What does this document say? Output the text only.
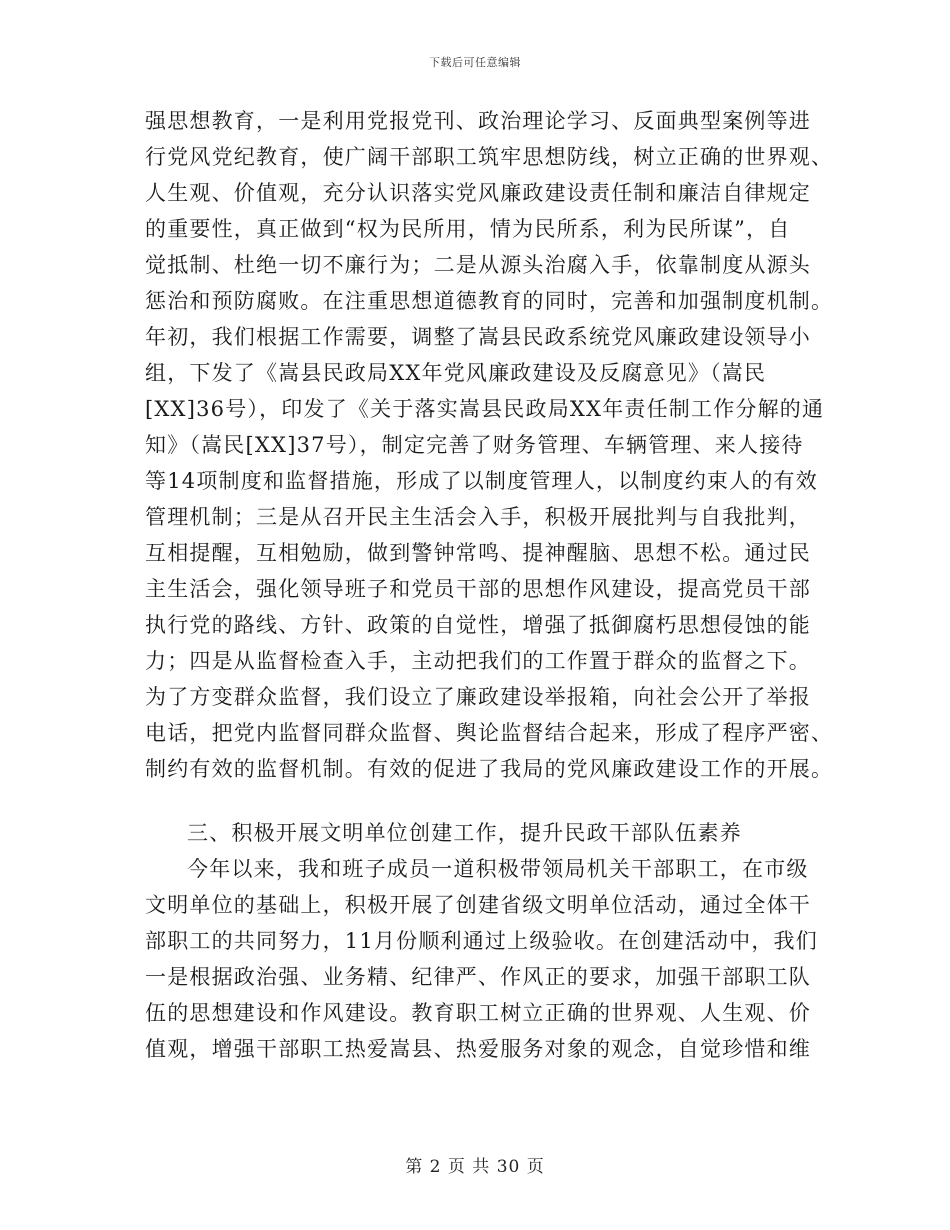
下载后可任意编辑
强思想教育，一是利用党报党刊、政治理论学习、反面典型案例等进
行党风党纪教育，使广阔干部职工筑牢思想防线，树立正确的世界观、
人生观、价值观，充分认识落实党风廉政建设责任制和廉洁自律规定
的重要性，真正做到“权为民所用，情为民所系，利为民所谋”，自
觉抵制、杜绝一切不廉行为；二是从源头治腐入手，依靠制度从源头
惩治和预防腐败。在注重思想道德教育的同时，完善和加强制度机制。
年初，我们根据工作需要，调整了嵩县民政系统党风廉政建设领导小
组，下发了《嵩县民政局XX年党风廉政建设及反腐意见》（嵩民
[XX]36号），印发了《关于落实嵩县民政局XX年责任制工作分解的通
知》（嵩民[XX]37号），制定完善了财务管理、车辆管理、来人接待
等14项制度和监督措施，形成了以制度管理人，以制度约束人的有效
管理机制；三是从召开民主生活会入手，积极开展批判与自我批判，
互相提醒，互相勉励，做到警钟常鸣、提神醒脑、思想不松。通过民
主生活会，强化领导班子和党员干部的思想作风建设，提高党员干部
执行党的路线、方针、政策的自觉性，增强了抵御腐朽思想侵蚀的能
力；四是从监督检查入手，主动把我们的工作置于群众的监督之下。
为了方变群众监督，我们设立了廉政建设举报箱，向社会公开了举报
电话，把党内监督同群众监督、舆论监督结合起来，形成了程序严密、
制约有效的监督机制。有效的促进了我局的党风廉政建设工作的开展。
三、积极开展文明单位创建工作，提升民政干部队伍素养
今年以来，我和班子成员一道积极带领局机关干部职工，在市级
文明单位的基础上，积极开展了创建省级文明单位活动，通过全体干
部职工的共同努力，11月份顺利通过上级验收。在创建活动中，我们
一是根据政治强、业务精、纪律严、作风正的要求，加强干部职工队
伍的思想建设和作风建设。教育职工树立正确的世界观、人生观、价
值观，增强干部职工热爱嵩县、热爱服务对象的观念，自觉珍惜和维
第 2 页 共 30 页
